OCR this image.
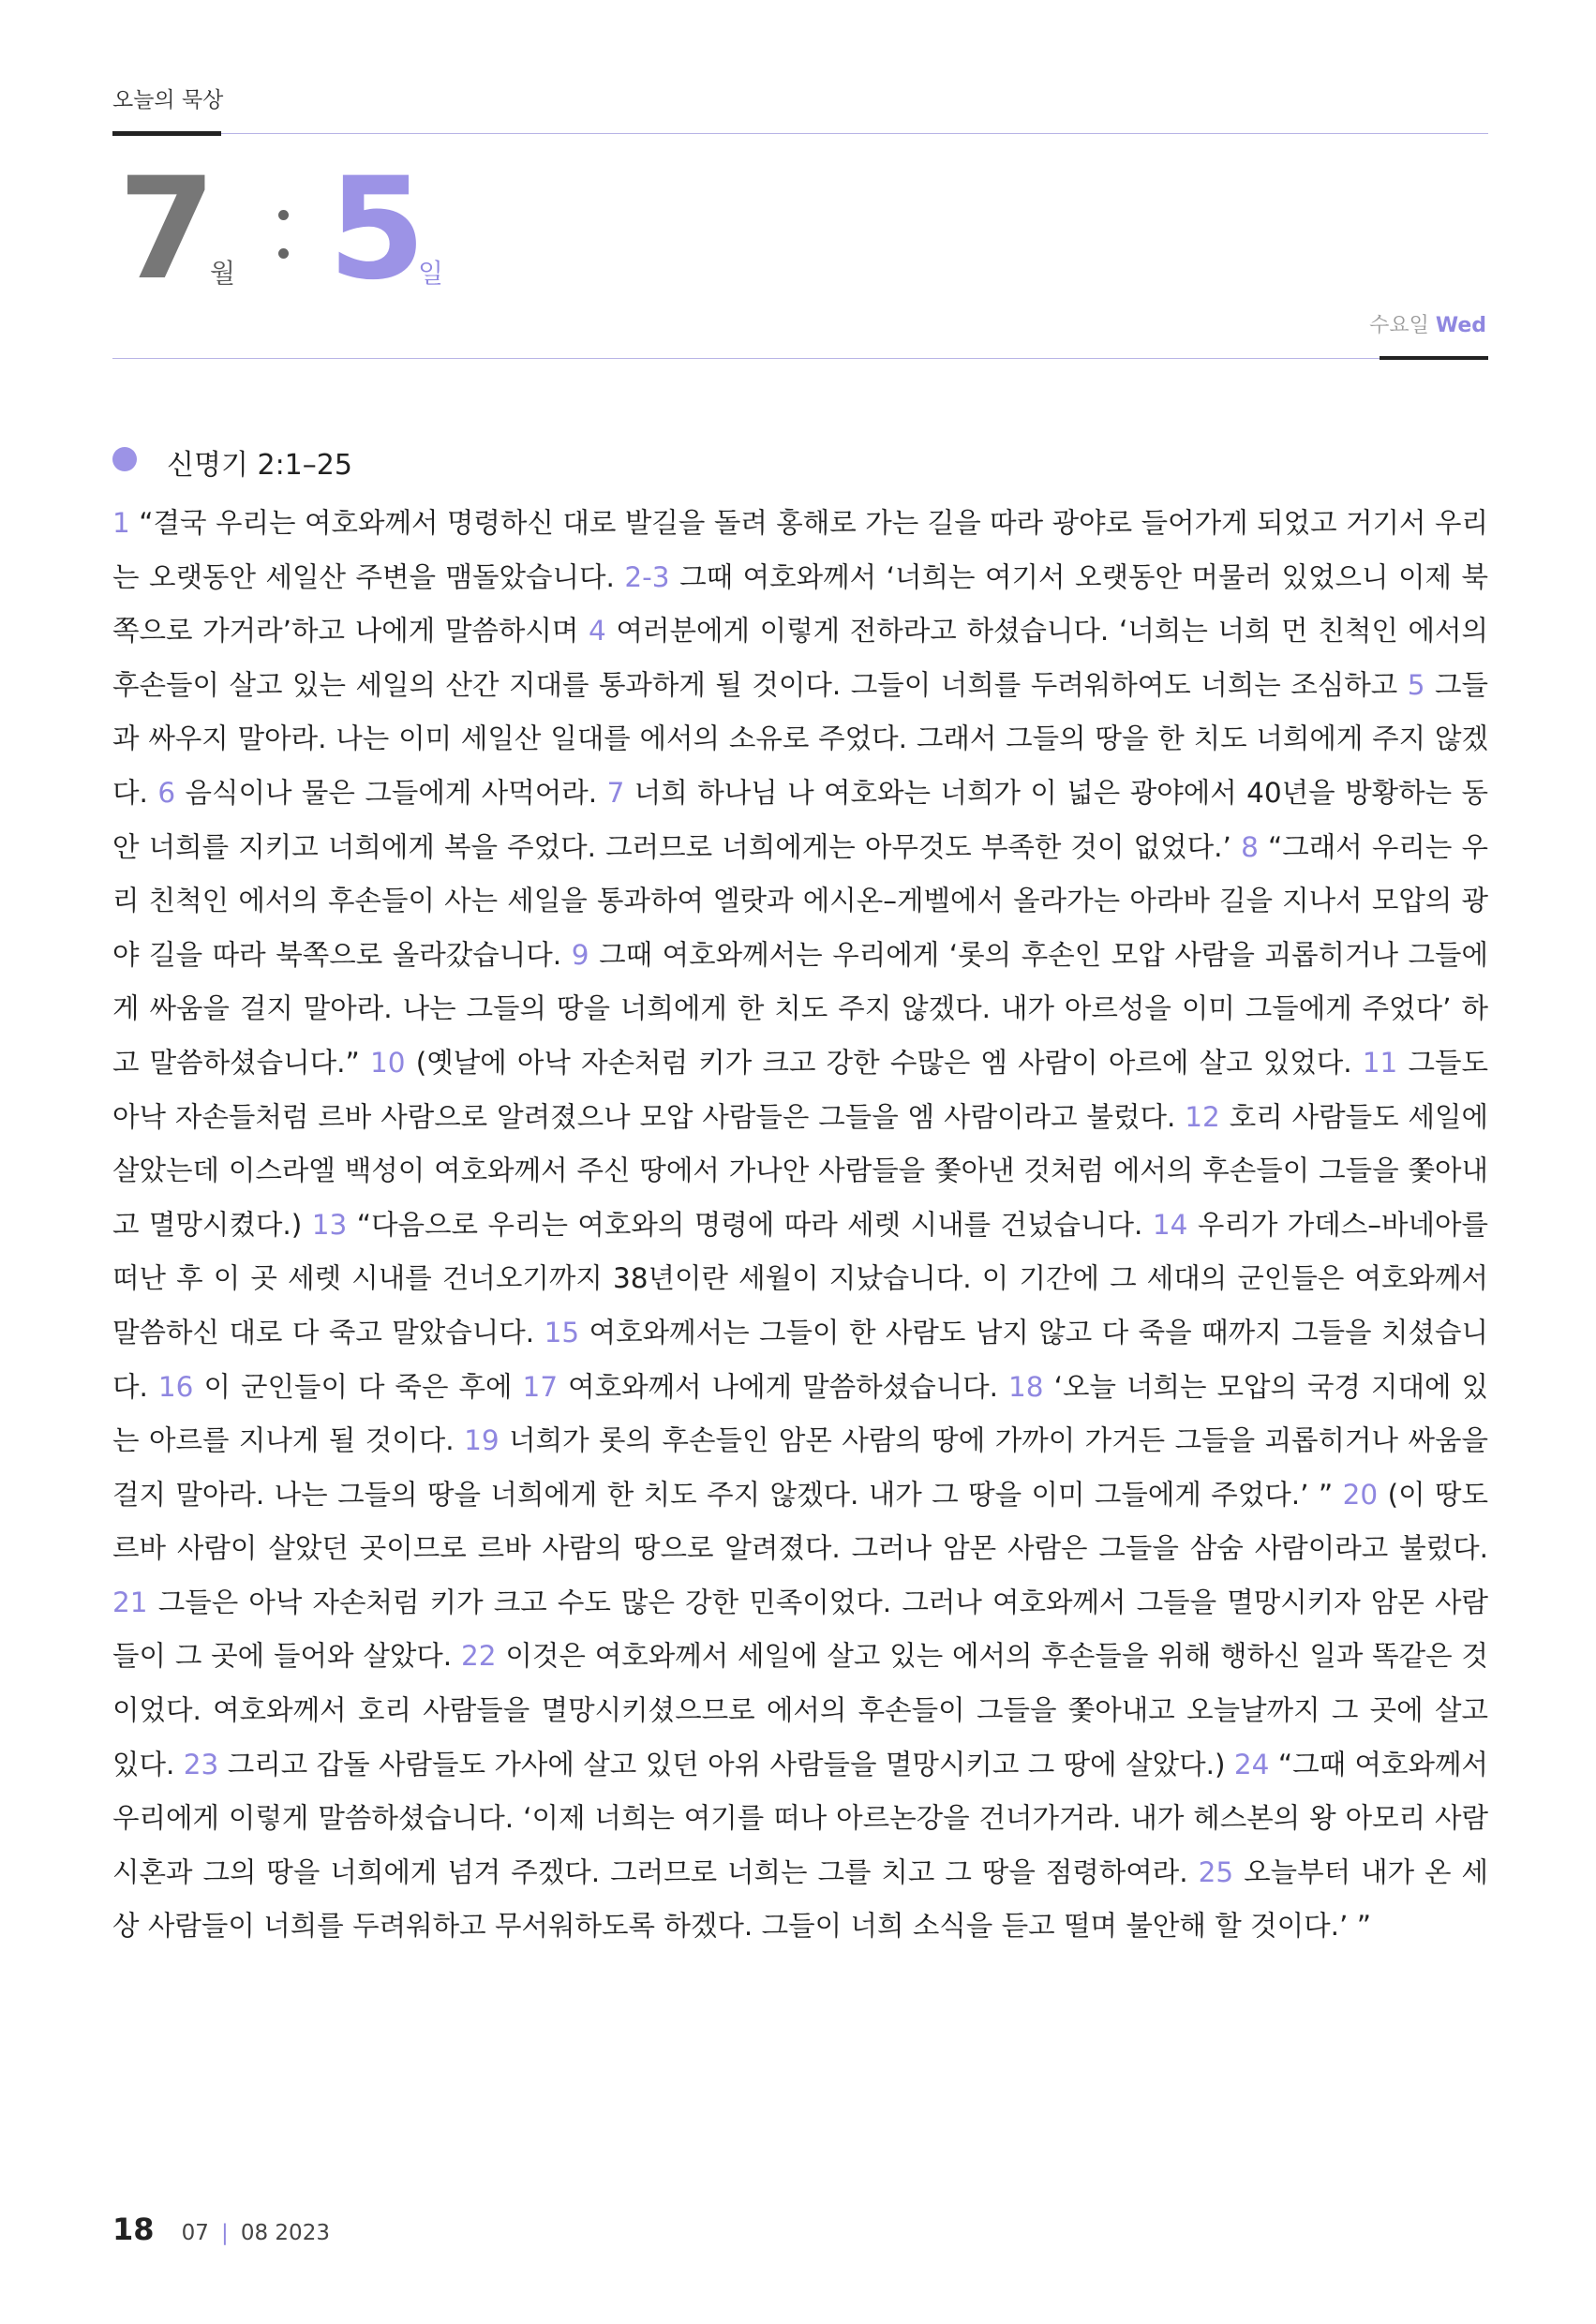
오늘의 묵상
7
월 5
일
수요일 Wed
신명기 2:1–25
1 “결국 우리는 여호와께서 명령하신 대로 발길을 돌려 홍해로 가는 길을 따라 광야로 들어가게 되었고 거기서 우리는 오랫동안 세일산 주변을 맴돌았습니다. 2-3 그때 여호와께서 ‘너희는 여기서 오랫동안 머물러 있었으니 이제 북쪽으로 가거라’하고 나에게 말씀하시며 4 여러분에게 이렇게 전하라고 하셨습니다. ‘너희는 너희 먼 친척인 에서의 후손들이 살고 있는 세일의 산간 지대를 통과하게 될 것이다. 그들이 너희를 두려워하여도 너희는 조심하고 5 그들과 싸우지 말아라. 나는 이미 세일산 일대를 에서의 소유로 주었다. 그래서 그들의 땅을 한 치도 너희에게 주지 않겠다. 6 음식이나 물은 그들에게 사먹어라. 7 너희 하나님 나 여호와는 너희가 이 넓은 광야에서 40년을 방황하는 동안 너희를 지키고 너희에게 복을 주었다. 그러므로 너희에게는 아무것도 부족한 것이 없었다.’ 8 “그래서 우리는 우리 친척인 에서의 후손들이 사는 세일을 통과하여 엘랏과 에시온–게벨에서 올라가는 아라바 길을 지나서 모압의 광야 길을 따라 북쪽으로 올라갔습니다. 9 그때 여호와께서는 우리에게 ‘롯의 후손인 모압 사람을 괴롭히거나 그들에게 싸움을 걸지 말아라. 나는 그들의 땅을 너희에게 한 치도 주지 않겠다. 내가 아르성을 이미 그들에게 주었다’ 하고 말씀하셨습니다.” 10 (옛날에 아낙 자손처럼 키가 크고 강한 수많은 엠 사람이 아르에 살고 있었다. 11 그들도 아낙 자손들처럼 르바 사람으로 알려졌으나 모압 사람들은 그들을 엠 사람이라고 불렀다. 12 호리 사람들도 세일에 살았는데 이스라엘 백성이 여호와께서 주신 땅에서 가나안 사람들을 쫓아낸 것처럼 에서의 후손들이 그들을 쫓아내고 멸망시켰다.) 13 “다음으로 우리는 여호와의 명령에 따라 세렛 시내를 건넜습니다. 14 우리가 가데스–바네아를 떠난 후 이 곳 세렛 시내를 건너오기까지 38년이란 세월이 지났습니다. 이 기간에 그 세대의 군인들은 여호와께서 말씀하신 대로 다 죽고 말았습니다. 15 여호와께서는 그들이 한 사람도 남지 않고 다 죽을 때까지 그들을 치셨습니다. 16 이 군인들이 다 죽은 후에 17 여호와께서 나에게 말씀하셨습니다. 18 ‘오늘 너희는 모압의 국경 지대에 있는 아르를 지나게 될 것이다. 19 너희가 롯의 후손들인 암몬 사람의 땅에 가까이 가거든 그들을 괴롭히거나 싸움을 걸지 말아라. 나는 그들의 땅을 너희에게 한 치도 주지 않겠다. 내가 그 땅을 이미 그들에게 주었다.’ ” 20 (이 땅도 르바 사람이 살았던 곳이므로 르바 사람의 땅으로 알려졌다. 그러나 암몬 사람은 그들을 삼숨 사람이라고 불렀다. 21 그들은 아낙 자손처럼 키가 크고 수도 많은 강한 민족이었다. 그러나 여호와께서 그들을 멸망시키자 암몬 사람들이 그 곳에 들어와 살았다. 22 이것은 여호와께서 세일에 살고 있는 에서의 후손들을 위해 행하신 일과 똑같은 것이었다. 여호와께서 호리 사람들을 멸망시키셨으므로 에서의 후손들이 그들을 쫓아내고 오늘날까지 그 곳에 살고 있다. 23 그리고 갑돌 사람들도 가사에 살고 있던 아위 사람들을 멸망시키고 그 땅에 살았다.) 24 “그때 여호와께서 우리에게 이렇게 말씀하셨습니다. ‘이제 너희는 여기를 떠나 아르논강을 건너가거라. 내가 헤스본의 왕 아모리 사람 시혼과 그의 땅을 너희에게 넘겨 주겠다. 그러므로 너희는 그를 치고 그 땅을 점령하여라. 25 오늘부터 내가 온 세상 사람들이 너희를 두려워하고 무서워하도록 하겠다. 그들이 너희 소식을 듣고 떨며 불안해 할 것이다.’ ”
18 07 | 08 2023
